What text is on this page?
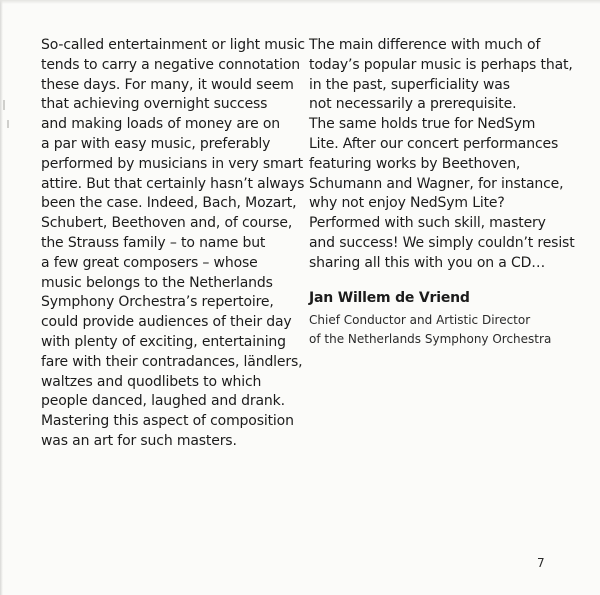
So-called entertainment or light music
tends to carry a negative connotation
these days. For many, it would seem
that achieving overnight success
and making loads of money are on
a par with easy music, preferably
performed by musicians in very smart
attire. But that certainly hasn’t always
been the case. Indeed, Bach, Mozart,
Schubert, Beethoven and, of course,
the Strauss family – to name but
a few great composers – whose
music belongs to the Netherlands
Symphony Orchestra’s repertoire,
could provide audiences of their day
with plenty of exciting, entertaining
fare with their contradances, ländlers,
waltzes and quodlibets to which
people danced, laughed and drank.
Mastering this aspect of composition
was an art for such masters.
The main difference with much of
today’s popular music is perhaps that,
in the past, superficiality was
not necessarily a prerequisite.
The same holds true for NedSym
Lite. After our concert performances
featuring works by Beethoven,
Schumann and Wagner, for instance,
why not enjoy NedSym Lite?
Performed with such skill, mastery
and success! We simply couldn’t resist
sharing all this with you on a CD…
Jan Willem de Vriend
Chief Conductor and Artistic Director
of the Netherlands Symphony Orchestra
7
